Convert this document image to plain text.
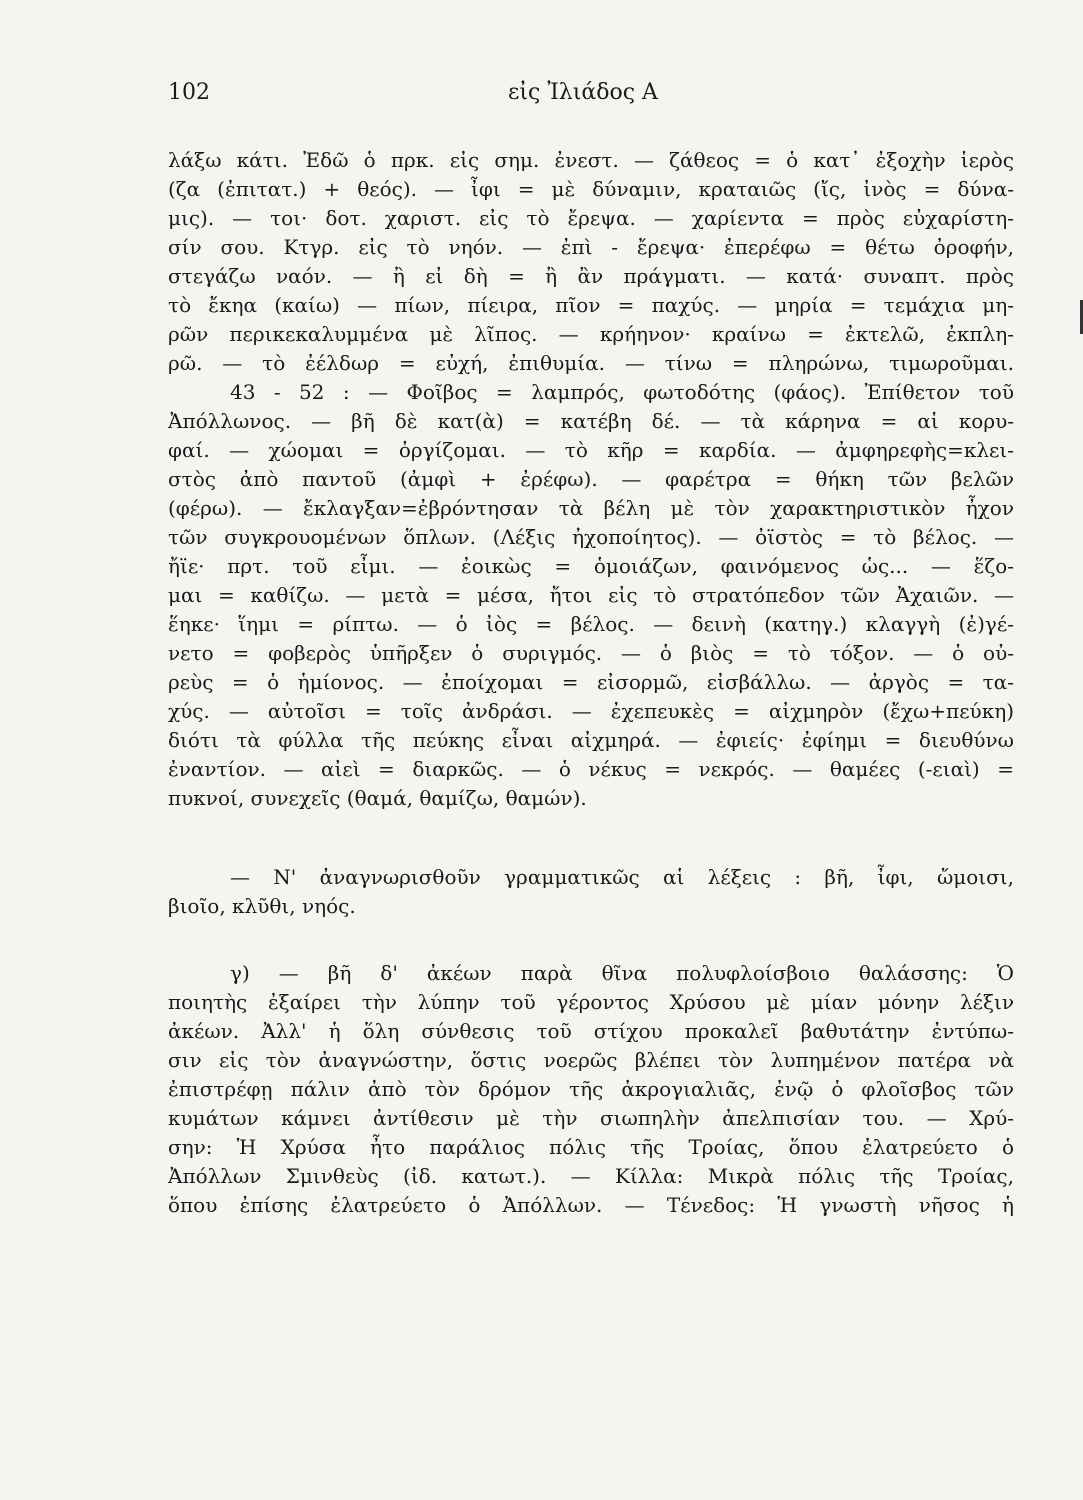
102	εἰς Ἰλιάδος Α
λάξω κάτι. Ἐδῶ ὁ πρκ. εἰς σημ. ἐνεστ. — ζάθεος = ὁ κατ᾽ ἐξοχὴν ἱερὸς
(ζα (ἐπιτατ.) + θεός). — ἶφι = μὲ δύναμιν, κραταιῶς (ἴς, ἰνὸς = δύνα-
μις). — τοι· δοτ. χαριστ. εἰς τὸ ἔρεψα. — χαρίεντα = πρὸς εὐχαρίστη-
σίν σου. Κτγρ. εἰς τὸ νηόν. — ἐπὶ - ἔρεψα· ἐπερέφω = θέτω ὀροφήν,
στεγάζω ναόν. — ἢ εἰ δὴ = ἢ ἂν πράγματι. — κατά· συναπτ. πρὸς
τὸ ἔκηα (καίω) — πίων, πίειρα, πῖον = παχύς. — μηρία = τεμάχια μη-
ρῶν περικεκαλυμμένα μὲ λῖπος. — κρήηνον· κραίνω = ἐκτελῶ, ἐκπλη-
ρῶ. — τὸ ἐέλδωρ = εὐχή, ἐπιθυμία. — τίνω = πληρώνω, τιμωροῦμαι.
43 - 52 : — Φοῖβος = λαμπρός, φωτοδότης (φάος). Ἐπίθετον τοῦ
Ἀπόλλωνος. — βῆ δὲ κατ(ὰ) = κατέβη δέ. — τὰ κάρηνα = αἱ κορυ-
φαί. — χώομαι = ὀργίζομαι. — τὸ κῆρ = καρδία. — ἀμφηρεφὴς=κλει-
στὸς ἀπὸ παντοῦ (ἀμφὶ + ἐρέφω). — φαρέτρα = θήκη τῶν βελῶν
(φέρω). — ἔκλαγξαν=ἐβρόντησαν τὰ βέλη μὲ τὸν χαρακτηριστικὸν ἦχον
τῶν συγκρουομένων ὅπλων. (Λέξις ἠχοποίητος). — ὀϊστὸς = τὸ βέλος. —
ἤϊε· πρτ. τοῦ εἶμι. — ἐοικὼς = ὁμοιάζων, φαινόμενος ὡς... — ἕζο-
μαι = καθίζω. — μετὰ = μέσα, ἤτοι εἰς τὸ στρατόπεδον τῶν Ἀχαιῶν. —
ἕηκε· ἵημι = ρίπτω. — ὁ ἰὸς = βέλος. — δεινὴ (κατηγ.) κλαγγὴ (ἐ)γέ-
νετο = φοβερὸς ὑπῆρξεν ὁ συριγμός. — ὁ βιὸς = τὸ τόξον. — ὁ οὐ-
ρεὺς = ὁ ἡμίονος. — ἐποίχομαι = εἰσορμῶ, εἰσβάλλω. — ἀργὸς = τα-
χύς. — αὐτοῖσι = τοῖς ἀνδράσι. — ἐχεπευκὲς = αἰχμηρὸν (ἔχω+πεύκη)
διότι τὰ φύλλα τῆς πεύκης εἶναι αἰχμηρά. — ἐφιείς· ἐφίημι = διευθύνω
ἐναντίον. — αἰεὶ = διαρκῶς. — ὁ νέκυς = νεκρός. — θαμέες (-ειαὶ) =
πυκνοί, συνεχεῖς (θαμά, θαμίζω, θαμών).
— Ν' ἀναγνωρισθοῦν γραμματικῶς αἱ λέξεις : βῆ, ἶφι, ὤμοισι,
βιοῖο, κλῦθι, νηός.
γ) — βῆ δ' ἀκέων παρὰ θῖνα πολυφλοίσβοιο θαλάσσης: Ὁ
ποιητὴς ἐξαίρει τὴν λύπην τοῦ γέροντος Χρύσου μὲ μίαν μόνην λέξιν
ἀκέων. Ἀλλ' ἡ ὅλη σύνθεσις τοῦ στίχου προκαλεῖ βαθυτάτην ἐντύπω-
σιν εἰς τὸν ἀναγνώστην, ὅστις νοερῶς βλέπει τὸν λυπημένον πατέρα νὰ
ἐπιστρέφῃ πάλιν ἀπὸ τὸν δρόμον τῆς ἀκρογιαλιᾶς, ἐνῷ ὁ φλοῖσβος τῶν
κυμάτων κάμνει ἀντίθεσιν μὲ τὴν σιωπηλὴν ἀπελπισίαν του. — Χρύ-
σην: Ἡ Χρύσα ἦτο παράλιος πόλις τῆς Τροίας, ὅπου ἐλατρεύετο ὁ
Ἀπόλλων Σμινθεὺς (ἰδ. κατωτ.). — Κίλλα: Μικρὰ πόλις τῆς Τροίας,
ὅπου ἐπίσης ἐλατρεύετο ὁ Ἀπόλλων. — Τένεδος: Ἡ γνωστὴ νῆσος ἡ
